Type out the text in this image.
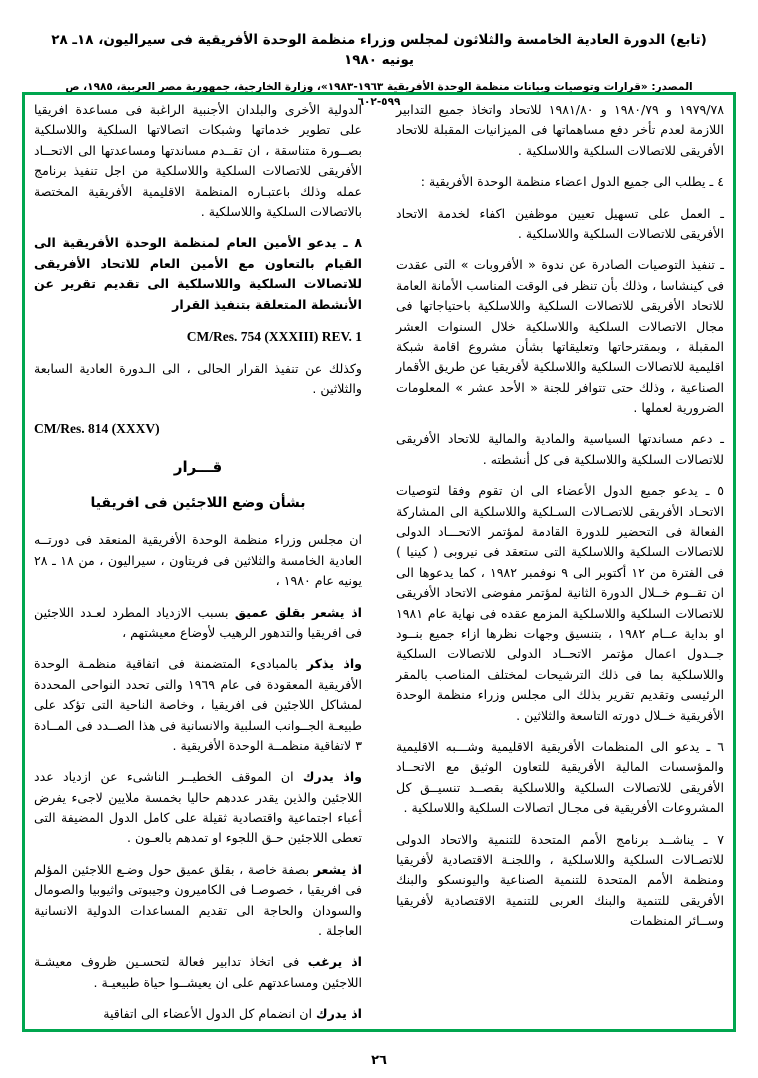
(تابع) الدورة العادية الخامسة والثلاثون لمجلس وزراء منظمة الوحدة الأفريقية فى سيراليون، ١٨ـ ٢٨ يونيه ١٩٨٠
المصدر: «قرارات وتوصيات وبيانات منظمة الوحدة الأفريقية ١٩٦٣-١٩٨٣»، وزارة الخارجية، جمهورية مصر العربية، ١٩٨٥، ص ٥٩٩-٦٠٢

١٩٧٩/٧٨ و ١٩٨٠/٧٩ و ١٩٨١/٨٠ للاتحاد واتخاذ جميع التدابير اللازمة لعدم تأخر دفع مساهماتها فى الميزانيات المقبلة للاتحاد الأفريقى للاتصالات السلكية واللاسلكية .

٤ ـ يطلب الى جميع الدول اعضاء منظمة الوحدة الأفريقية :

ـ العمل على تسهيل تعيين موظفين اكفاء لخدمة الاتحاد الأفريقى للاتصالات السلكية واللاسلكية .

ـ تنفيذ التوصيات الصادرة عن ندوة « الأفروبات » التى عقدت فى كينشاسا ، وذلك بأن تنظر فى الوقت المناسب الأمانة العامة للاتحاد الأفريقى للاتصالات السلكية واللاسلكية باحتياجاتها فى مجال الاتصالات السلكية واللاسلكية خلال السنوات العشر المقبلة ، وبمقترحاتها وتعليقاتها بشأن مشروع اقامة شبكة اقليمية للاتصالات السلكية واللاسلكية لأفريقيا عن طريق الأقمار الصناعية ، وذلك حتى تتوافر للجنة « الأحد عشر » المعلومات الضرورية لعملها .

ـ دعم مساندتها السياسية والمادية والمالية للاتحاد الأفريقى للاتصالات السلكية واللاسلكية فى كل أنشطته .

٥ ـ يدعو جميع الدول الأعضاء الى ان تقوم وفقا لتوصيات الاتحـاد الأفريقى للاتصـالات السـلكية واللاسلكية الى المشاركة الفعالة فى التحضير للدورة القادمة لمؤتمر الاتحـــاد الدولى للاتصالات السلكية واللاسلكية التى ستعقد فى نيروبى ( كينيا ) فى الفترة من ١٢ أكتوبر الى ٩ نوفمبر ١٩٨٢ ، كما يدعوها الى ان تقــوم خــلال الدورة الثانية لمؤتمر مفوضى الاتحاد الأفريقى للاتصالات السلكية واللاسلكية المزمع عقده فى نهاية عام ١٩٨١ او بداية عــام ١٩٨٢ ، بتنسيق وجهات نظرها ازاء جميع بنــود جــدول اعمال مؤتمر الاتحــاد الدولى للاتصالات السلكية واللاسلكية بما فى ذلك الترشيحات لمختلف المناصب بالمقر الرئيسى وتقديم تقرير بذلك الى مجلس وزراء منظمة الوحدة الأفريقية خــلال دورته التاسعة والثلاثين .

٦ ـ يدعو الى المنظمات الأفريقية الاقليمية وشـــبه الاقليمية والمؤسسات المالية الأفريقية للتعاون الوثيق مع الاتحــاد الأفريقى للاتصالات السلكية واللاسلكية بقصــد تنسيــق كل المشروعات الأفريقية فى مجـال اتصالات السلكية واللاسلكية .

٧ ـ يناشــد برنامج الأمم المتحدة للتنمية والاتحاد الدولى للاتصـالات السلكية واللاسلكية ، واللجنـة الاقتصادية لأفريقيا ومنظمة الأمم المتحدة للتنمية الصناعية واليونسكو والبنك الأفريقى للتنمية والبنك العربى للتنمية الاقتصادية لأفريقيا وســائر المنظمات

الدولية الأخرى والبلدان الأجنبية الراغبة فى مساعدة افريقيا على تطوير خدماتها وشبكات اتصالاتها السلكية واللاسلكية بصــورة متناسقة ، ان تقــدم مساندتها ومساعدتها الى الاتحــاد الأفريقى للاتصالات السلكية واللاسلكية من اجل تنفيذ برنامج عمله وذلك باعتبـاره المنظمة الاقليمية الأفريقية المختصة بالاتصالات السلكية واللاسلكية .

٨ ـ يدعو الأمين العام لمنظمة الوحدة الأفريقية الى القيام بالتعاون مع الأمين العام للاتحاد الأفريقى للاتصالات السلكية واللاسلكية الى تقديم تقرير عن الأنشطة المتعلقة بتنفيذ القرار

CM/Res. 754 (XXXIII) REV. 1

وكذلك عن تنفيذ القرار الحالى ، الى الـدورة العادية السابعة والثلاثين .

CM/Res. 814 (XXXV)
قـــرار
بشأن وضع اللاجئين فى افريقيا

ان مجلس وزراء منظمة الوحدة الأفريقية المنعقد فى دورتــه العادية الخامسة والثلاثين فى فريتاون ، سيراليون ، من ١٨ ـ ٢٨ يونيه عام ١٩٨٠ ،

اذ يشعر بقلق عميق بسبب الازدياد المطرد لعـدد اللاجئين فى افريقيا والتدهور الرهيب لأوضاع معيشتهم ،

واذ يذكر بالمبادىء المتضمنة فى اتفاقية منظمـة الوحدة الأفريقية المعقودة فى عام ١٩٦٩ والتى تحدد النواحى المحددة لمشاكل اللاجئين فى افريقيا ، وخاصة الناحية التى تؤكد على طبيعـة الجــوانب السلبية والانسانية فى هذا الصــدد فى المــادة ٣ لاتفاقية منظمــة الوحدة الأفريقية .

واذ يدرك ان الموقف الخطيــر الناشىء عن ازدياد عدد اللاجئين والذين يقدر عددهم حاليا بخمسة ملايين لاجىء يفرض أعباء اجتماعية واقتصادية ثقيلة على كامل الدول المضيفة التى تعطى اللاجئين حـق اللجوء او تمدهم بالعـون .

اذ يشعر بصفة خاصة ، بقلق عميق حول وضـع اللاجئين المؤلم فى افريقيا ، خصوصـا فى الكاميرون وجيبوتى واثيوبيا والصومال والسودان والحاجة الى تقديم المساعدات الدولية الانسانية العاجلة .

اذ يرغب فى اتخاذ تدابير فعالة لتحسـين ظروف معيشـة اللاجئين ومساعدتهم على ان يعيشــوا حياة طبيعيـة .

اذ يدرك ان انضمام كل الدول الأعضاء الى اتفاقية

٢٦
